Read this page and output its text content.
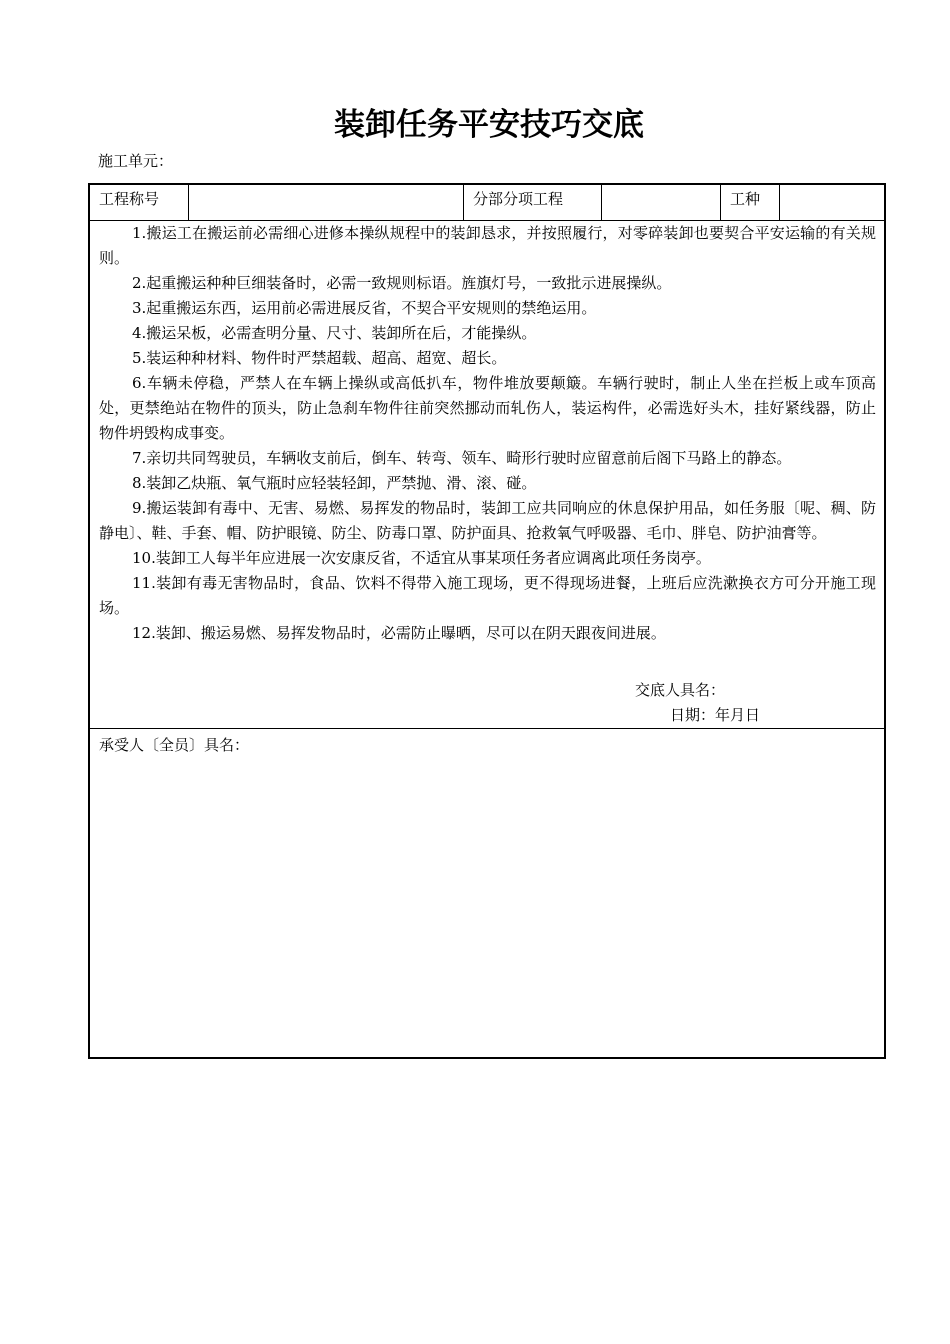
装卸任务平安技巧交底
施工单元：
工程称号	分部分项工程	工种

1.搬运工在搬运前必需细心进修本操纵规程中的装卸恳求，并按照履行，对零碎装卸也要契合平安运输的有关规则。

2.起重搬运种种巨细装备时，必需一致规则标语。旌旗灯号，一致批示进展操纵。

3.起重搬运东西，运用前必需进展反省，不契合平安规则的禁绝运用。

4.搬运呆板，必需查明分量、尺寸、装卸所在后，才能操纵。

5.装运种种材料、物件时严禁超载、超高、超宽、超长。

6.车辆未停稳，严禁人在车辆上操纵或高低扒车，物件堆放要颠簸。车辆行驶时，制止人坐在拦板上或车顶高处，更禁绝站在物件的顶头，防止急刹车物件往前突然挪动而轧伤人，装运构件，必需选好头木，挂好紧线器，防止物件坍毁构成事变。

7.亲切共同驾驶员，车辆收支前后，倒车、转弯、领车、畸形行驶时应留意前后阁下马路上的静态。

8.装卸乙炔瓶、氧气瓶时应轻装轻卸，严禁抛、滑、滚、碰。

9.搬运装卸有毒中、无害、易燃、易挥发的物品时，装卸工应共同响应的休息保护用品，如任务服〔呢、稠、防静电〕、鞋、手套、帽、防护眼镜、防尘、防毒口罩、防护面具、抢救氧气呼吸器、毛巾、胖皂、防护油膏等。

10.装卸工人每半年应进展一次安康反省，不适宜从事某项任务者应调离此项任务岗亭。

11.装卸有毒无害物品时，食品、饮料不得带入施工现场，更不得现场进餐，上班后应洗漱换衣方可分开施工现场。

12.装卸、搬运易燃、易挥发物品时，必需防止曝晒，尽可以在阴天跟夜间进展。

交底人具名：
日期：年月日
承受人〔全员〕具名：
